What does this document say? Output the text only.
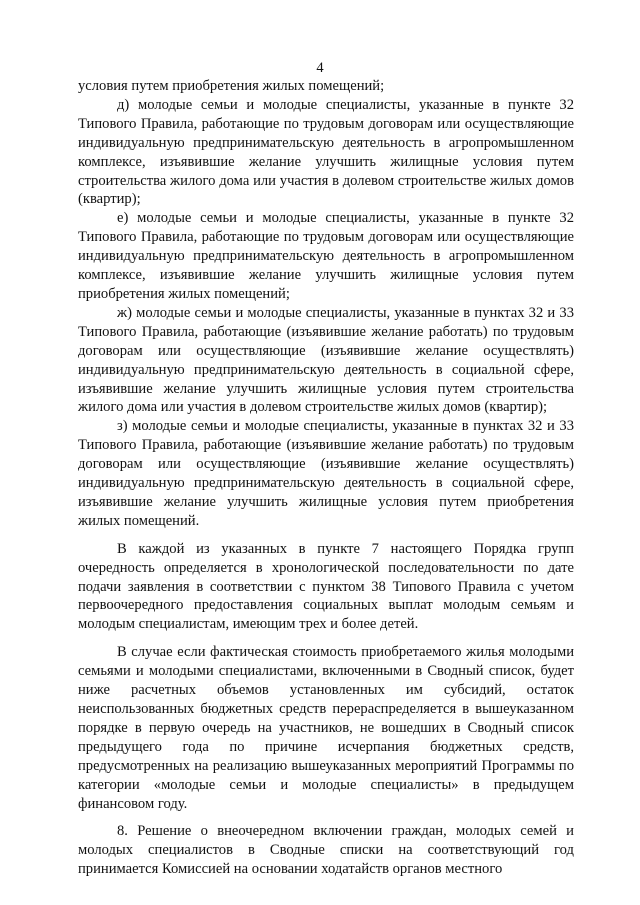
4

условия путем приобретения жилых помещений;

д) молодые семьи и молодые специалисты, указанные в пункте 32 Типового Правила, работающие по трудовым договорам или осуществляющие индивидуальную предпринимательскую деятельность в агропромышленном комплексе, изъявившие желание улучшить жилищные условия путем строительства жилого дома или участия в долевом строительстве жилых домов (квартир);

е) молодые семьи и молодые специалисты, указанные в пункте 32 Типового Правила, работающие по трудовым договорам или осуществляющие индивидуальную предпринимательскую деятельность в агропромышленном комплексе, изъявившие желание улучшить жилищные условия путем приобретения жилых помещений;

ж) молодые семьи и молодые специалисты, указанные в пунктах 32 и 33 Типового Правила, работающие (изъявившие желание работать) по трудовым договорам или осуществляющие (изъявившие желание осуществлять) индивидуальную предпринимательскую деятельность в социальной сфере, изъявившие желание улучшить жилищные условия путем строительства жилого дома или участия в долевом строительстве жилых домов (квартир);

з) молодые семьи и молодые специалисты, указанные в пунктах 32 и 33 Типового Правила, работающие (изъявившие желание работать) по трудовым договорам или осуществляющие (изъявившие желание осуществлять) индивидуальную предпринимательскую деятельность в социальной сфере, изъявившие желание улучшить жилищные условия путем приобретения жилых помещений.

В каждой из указанных в пункте 7 настоящего Порядка групп очередность определяется в хронологической последовательности по дате подачи заявления в соответствии с пунктом 38 Типового Правила с учетом первоочередного предоставления социальных выплат молодым семьям и молодым специалистам, имеющим трех и более детей.

В случае если фактическая стоимость приобретаемого жилья молодыми семьями и молодыми специалистами, включенными в Сводный список, будет ниже расчетных объемов установленных им субсидий, остаток неиспользованных бюджетных средств перераспределяется в вышеуказанном порядке в первую очередь на участников, не вошедших в Сводный список предыдущего года по причине исчерпания бюджетных средств, предусмотренных на реализацию вышеуказанных мероприятий Программы по категории «молодые семьи и молодые специалисты» в предыдущем финансовом году.

8. Решение о внеочередном включении граждан, молодых семей и молодых специалистов в Сводные списки на соответствующий год принимается Комиссией на основании ходатайств органов местного
